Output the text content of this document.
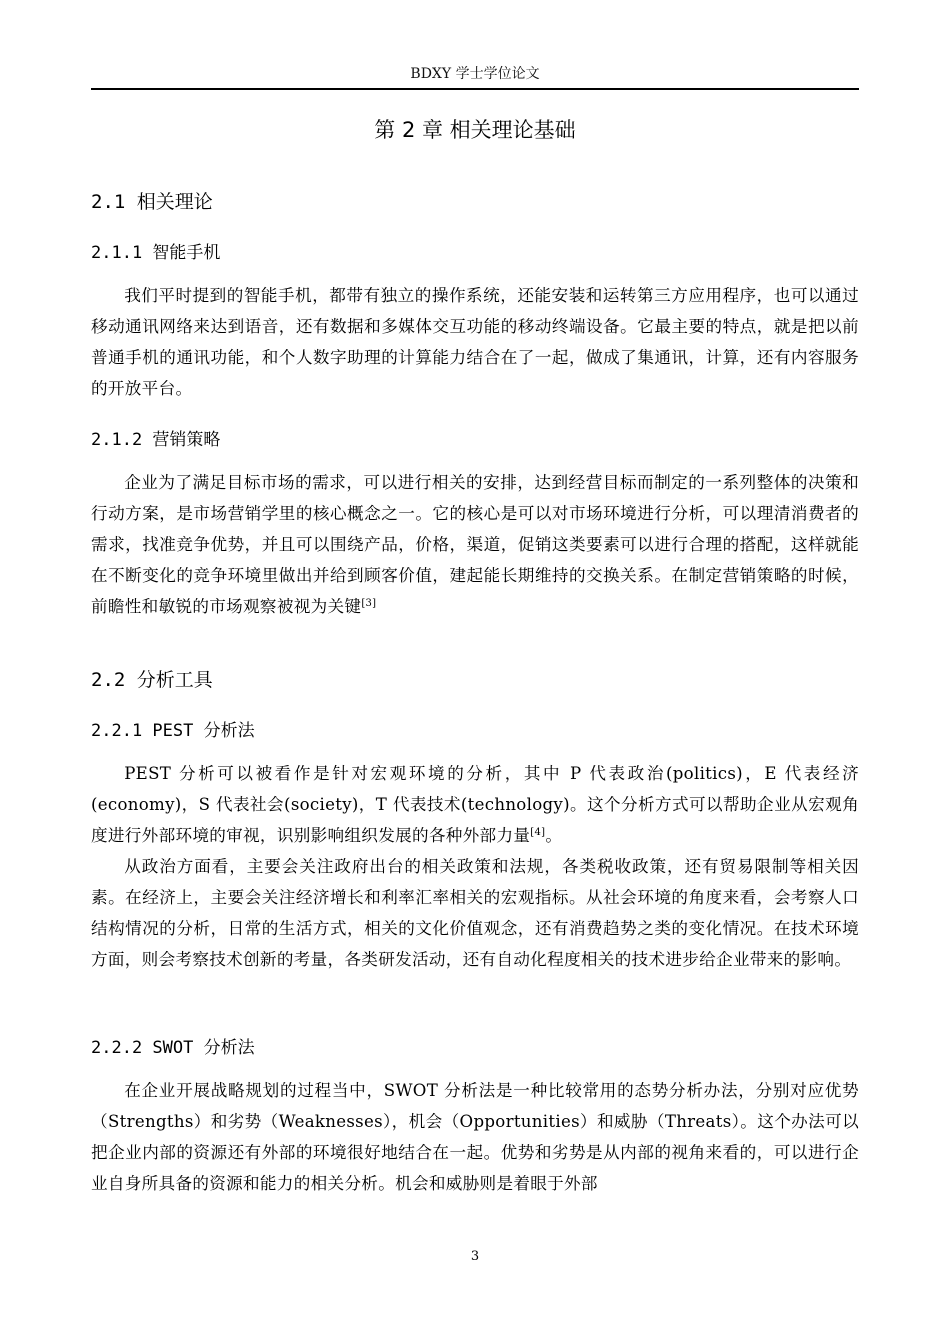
BDXY 学士学位论文
第 2 章 相关理论基础
2.1 相关理论
2.1.1 智能手机

我们平时提到的智能手机，都带有独立的操作系统，还能安装和运转第三方应用程序，也可以通过移动通讯网络来达到语音，还有数据和多媒体交互功能的移动终端设备。它最主要的特点，就是把以前普通手机的通讯功能，和个人数字助理的计算能力结合在了一起，做成了集通讯，计算，还有内容服务的开放平台。

2.1.2 营销策略

企业为了满足目标市场的需求，可以进行相关的安排，达到经营目标而制定的一系列整体的决策和行动方案，是市场营销学里的核心概念之一。它的核心是可以对市场环境进行分析，可以理清消费者的需求，找准竞争优势，并且可以围绕产品，价格，渠道，促销这类要素可以进行合理的搭配，这样就能在不断变化的竞争环境里做出并给到顾客价值，建起能长期维持的交换关系。在制定营销策略的时候，前瞻性和敏锐的市场观察被视为关键[3]

2.2 分析工具
2.2.1 PEST 分析法

PEST 分析可以被看作是针对宏观环境的分析，其中 P 代表政治(politics)，E 代表经济(economy)，S 代表社会(society)，T 代表技术(technology)。这个分析方式可以帮助企业从宏观角度进行外部环境的审视，识别影响组织发展的各种外部力量[4]。

从政治方面看，主要会关注政府出台的相关政策和法规，各类税收政策，还有贸易限制等相关因素。在经济上，主要会关注经济增长和利率汇率相关的宏观指标。从社会环境的角度来看，会考察人口结构情况的分析，日常的生活方式，相关的文化价值观念，还有消费趋势之类的变化情况。在技术环境方面，则会考察技术创新的考量，各类研发活动，还有自动化程度相关的技术进步给企业带来的影响。

2.2.2 SWOT 分析法

在企业开展战略规划的过程当中，SWOT 分析法是一种比较常用的态势分析办法，分别对应优势（Strengths）和劣势（Weaknesses），机会（Opportunities）和威胁（Threats）。这个办法可以把企业内部的资源还有外部的环境很好地结合在一起。优势和劣势是从内部的视角来看的，可以进行企业自身所具备的资源和能力的相关分析。机会和威胁则是着眼于外部

3
